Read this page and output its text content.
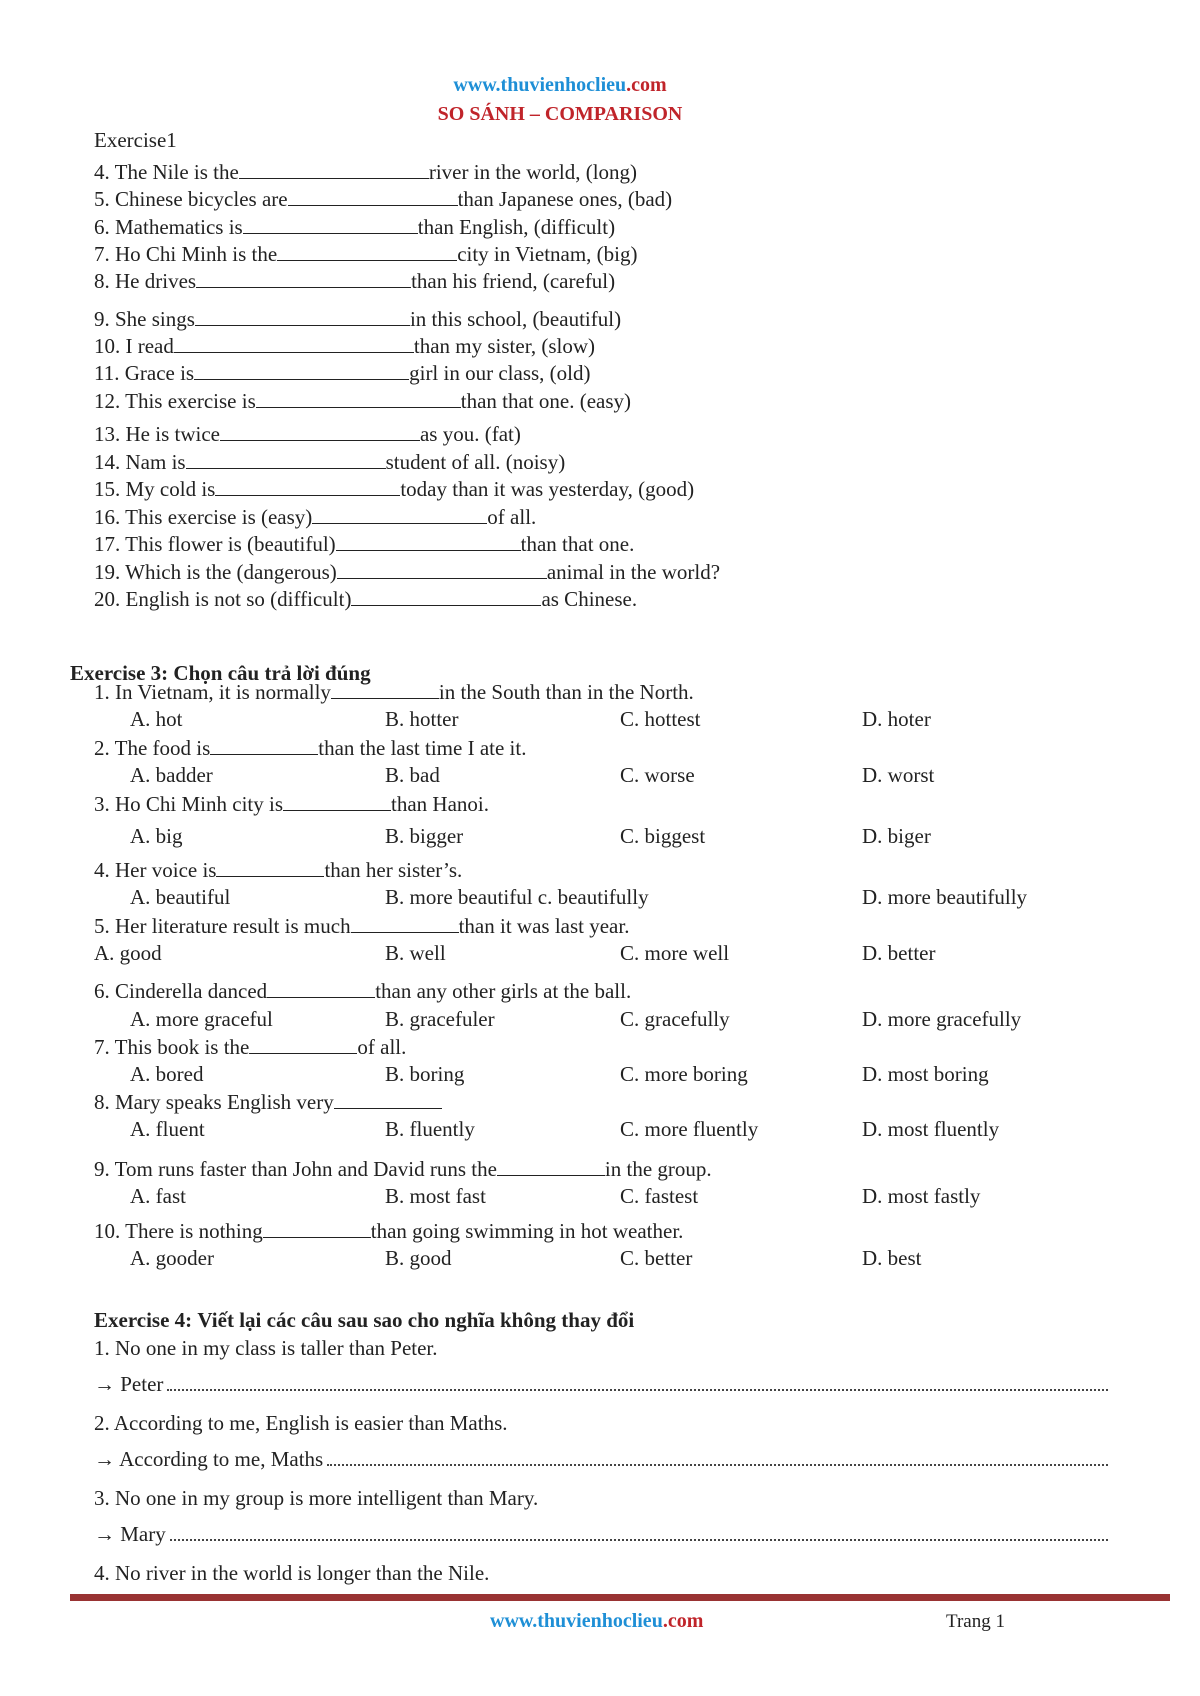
www.thuvienhoclieu.com
SO SÁNH – COMPARISON
Exercise1
4. The Nile is the	river in the world, (long)
5. Chinese bicycles are	than Japanese ones, (bad)
6. Mathematics is	than English, (difficult)
7. Ho Chi Minh is the	city in Vietnam, (big)
8. He drives	than his friend, (careful)
9. She sings	in this school, (beautiful)
10. I read	than my sister, (slow)
11. Grace is	girl in our class, (old)
12. This exercise is	than that one. (easy)
13. He is twice	as you. (fat)
14. Nam is	student of all. (noisy)
15. My cold is	today than it was yesterday, (good)
16. This exercise is (easy)	of all.
17. This flower is (beautiful)	than that one.
19. Which is the (dangerous)	animal in the world?
20. English is not so (difficult)	as Chinese.
Exercise 3: Chọn câu trả lời đúng
1. In Vietnam, it is normally	in the South than in the North.
A. hot	B. hotter	C. hottest	D. hoter
2. The food is	than the last time I ate it.
A. badder	B. bad	C. worse	D. worst
3. Ho Chi Minh city is	than Hanoi.
A. big	B. bigger	C. biggest	D. biger
4. Her voice is	than her sister’s.
A. beautiful	B. more beautiful c. beautifully	D. more beautifully
5. Her literature result is much	than it was last year.
A. good	B. well	C. more well	D. better
6. Cinderella danced	than any other girls at the ball.
A. more graceful	B. gracefuler	C. gracefully	D. more gracefully
7. This book is the	of all.
A. bored	B. boring	C. more boring	D. most boring
8. Mary speaks English very
A. fluent	B. fluently	C. more fluently	D. most fluently
9. Tom runs faster than John and David runs the	in the group.
A. fast	B. most fast	C. fastest	D. most fastly
10. There is nothing	than going swimming in hot weather.
A. gooder	B. good	C. better	D. best
Exercise 4: Viết lại các câu sau sao cho nghĩa không thay đổi
1. No one in my class is taller than Peter.
→ Peter
2. According to me, English is easier than Maths.
→ According to me, Maths
3. No one in my group is more intelligent than Mary.
→ Mary
4. No river in the world is longer than the Nile.
www.thuvienhoclieu.com	Trang 1
